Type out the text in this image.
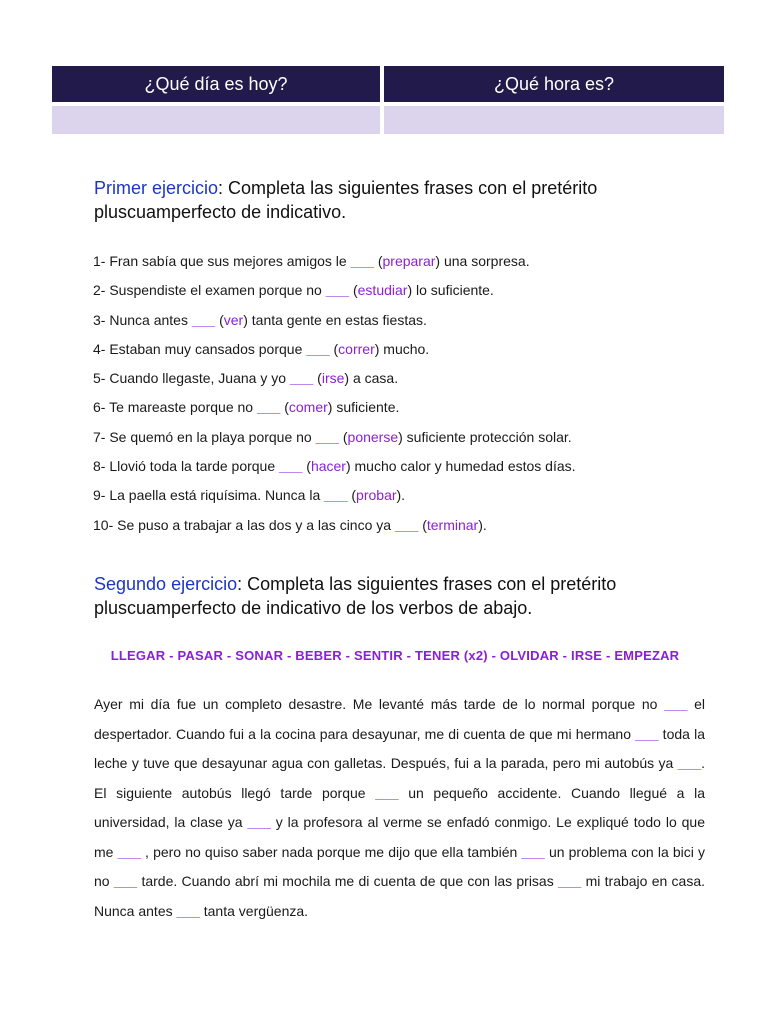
¿Qué día es hoy?	¿Qué hora es?
Primer ejercicio: Completa las siguientes frases con el pretérito pluscuamperfecto de indicativo.
1- Fran sabía que sus mejores amigos le ___ (preparar) una sorpresa.
2- Suspendiste el examen porque no ___ (estudiar) lo suficiente.
3- Nunca antes ___ (ver) tanta gente en estas fiestas.
4- Estaban muy cansados porque ___ (correr) mucho.
5- Cuando llegaste, Juana y yo ___ (irse) a casa.
6- Te mareaste porque no ___ (comer) suficiente.
7- Se quemó en la playa porque no ___ (ponerse) suficiente protección solar.
8- Llovió toda la tarde porque ___ (hacer) mucho calor y humedad estos días.
9- La paella está riquísima. Nunca la ___ (probar).
10- Se puso a trabajar a las dos y a las cinco ya ___ (terminar).
Segundo ejercicio: Completa las siguientes frases con el pretérito pluscuamperfecto de indicativo de los verbos de abajo.
LLEGAR - PASAR - SONAR - BEBER - SENTIR - TENER (x2) - OLVIDAR - IRSE - EMPEZAR
Ayer mi día fue un completo desastre. Me levanté más tarde de lo normal porque no ___ el despertador. Cuando fui a la cocina para desayunar, me di cuenta de que mi hermano ___ toda la leche y tuve que desayunar agua con galletas. Después, fui a la parada, pero mi autobús ya ___. El siguiente autobús llegó tarde porque ___ un pequeño accidente. Cuando llegué a la universidad, la clase ya ___ y la profesora al verme se enfadó conmigo. Le expliqué todo lo que me ___ , pero no quiso saber nada porque me dijo que ella también ___ un problema con la bici y no ___ tarde. Cuando abrí mi mochila me di cuenta de que con las prisas ___ mi trabajo en casa. Nunca antes ___ tanta vergüenza.
